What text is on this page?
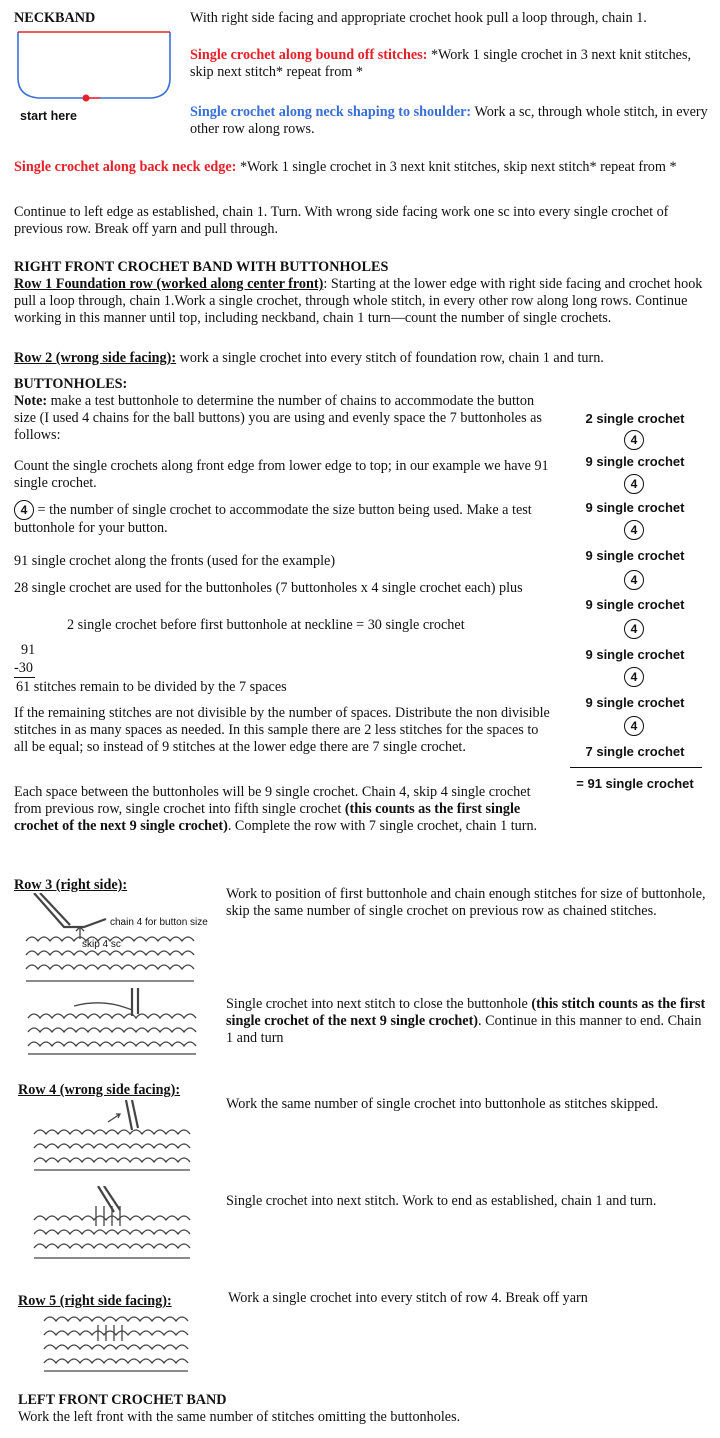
NECKBAND
start here
With right side facing and appropriate crochet hook pull a loop through, chain 1.
Single crochet along bound off stitches: *Work 1 single crochet in 3 next knit stitches, skip next stitch* repeat from *
Single crochet along neck shaping to shoulder: Work a sc, through whole stitch, in every other row along rows.
Single crochet along back neck edge: *Work 1 single crochet in 3 next knit stitches, skip next stitch* repeat from *
Continue to left edge as established, chain 1. Turn. With wrong side facing work one sc into every single crochet of previous row. Break off yarn and pull through.
RIGHT FRONT CROCHET BAND WITH BUTTONHOLES
Row 1 Foundation row (worked along center front): Starting at the lower edge with right side facing and crochet hook pull a loop through, chain 1.Work a single crochet, through whole stitch, in every other row along long rows. Continue working in this manner until top, including neckband, chain 1 turn—count the number of single crochets.
Row 2 (wrong side facing): work a single crochet into every stitch of foundation row, chain 1 and turn.
BUTTONHOLES:
Note: make a test buttonhole to determine the number of chains to accommodate the button size (I used 4 chains for the ball buttons) you are using and evenly space the 7 buttonholes as follows:
Count the single crochets along front edge from lower edge to top; in our example we have 91 single crochet.
4 = the number of single crochet to accommodate the size button being used. Make a test buttonhole for your button.
91 single crochet along the fronts (used for the example)
28 single crochet are used for the buttonholes (7 buttonholes x 4 single crochet each) plus
2 single crochet before first buttonhole at neckline = 30 single crochet
91
-30
61 stitches remain to be divided by the 7 spaces
If the remaining stitches are not divisible by the number of spaces. Distribute the non divisible stitches in as many spaces as needed. In this sample there are 2 less stitches for the spaces to all be equal; so instead of 9 stitches at the lower edge there are 7 single crochet.
Each space between the buttonholes will be 9 single crochet. Chain 4, skip 4 single crochet from previous row, single crochet into fifth single crochet (this counts as the first single crochet of the next 9 single crochet). Complete the row with 7 single crochet, chain 1 turn.
2 single crochet
4
9 single crochet
4
9 single crochet
4
9 single crochet
4
9 single crochet
4
9 single crochet
4
9 single crochet
4
7 single crochet
= 91 single crochet
Row 3 (right side):
chain 4 for button size
skip 4 sc
Work to position of first buttonhole and chain enough stitches for size of buttonhole, skip the same number of single crochet on previous row as chained stitches.
Single crochet into next stitch to close the buttonhole (this stitch counts as the first single crochet of the next 9 single crochet). Continue in this manner to end. Chain 1 and turn
Row 4 (wrong side facing):
Work the same number of single crochet into buttonhole as stitches skipped.
Single crochet into next stitch. Work to end as established, chain 1 and turn.
Row 5 (right side facing):	Work a single crochet into every stitch of row 4. Break off yarn
LEFT FRONT CROCHET BAND
Work the left front with the same number of stitches omitting the buttonholes.
